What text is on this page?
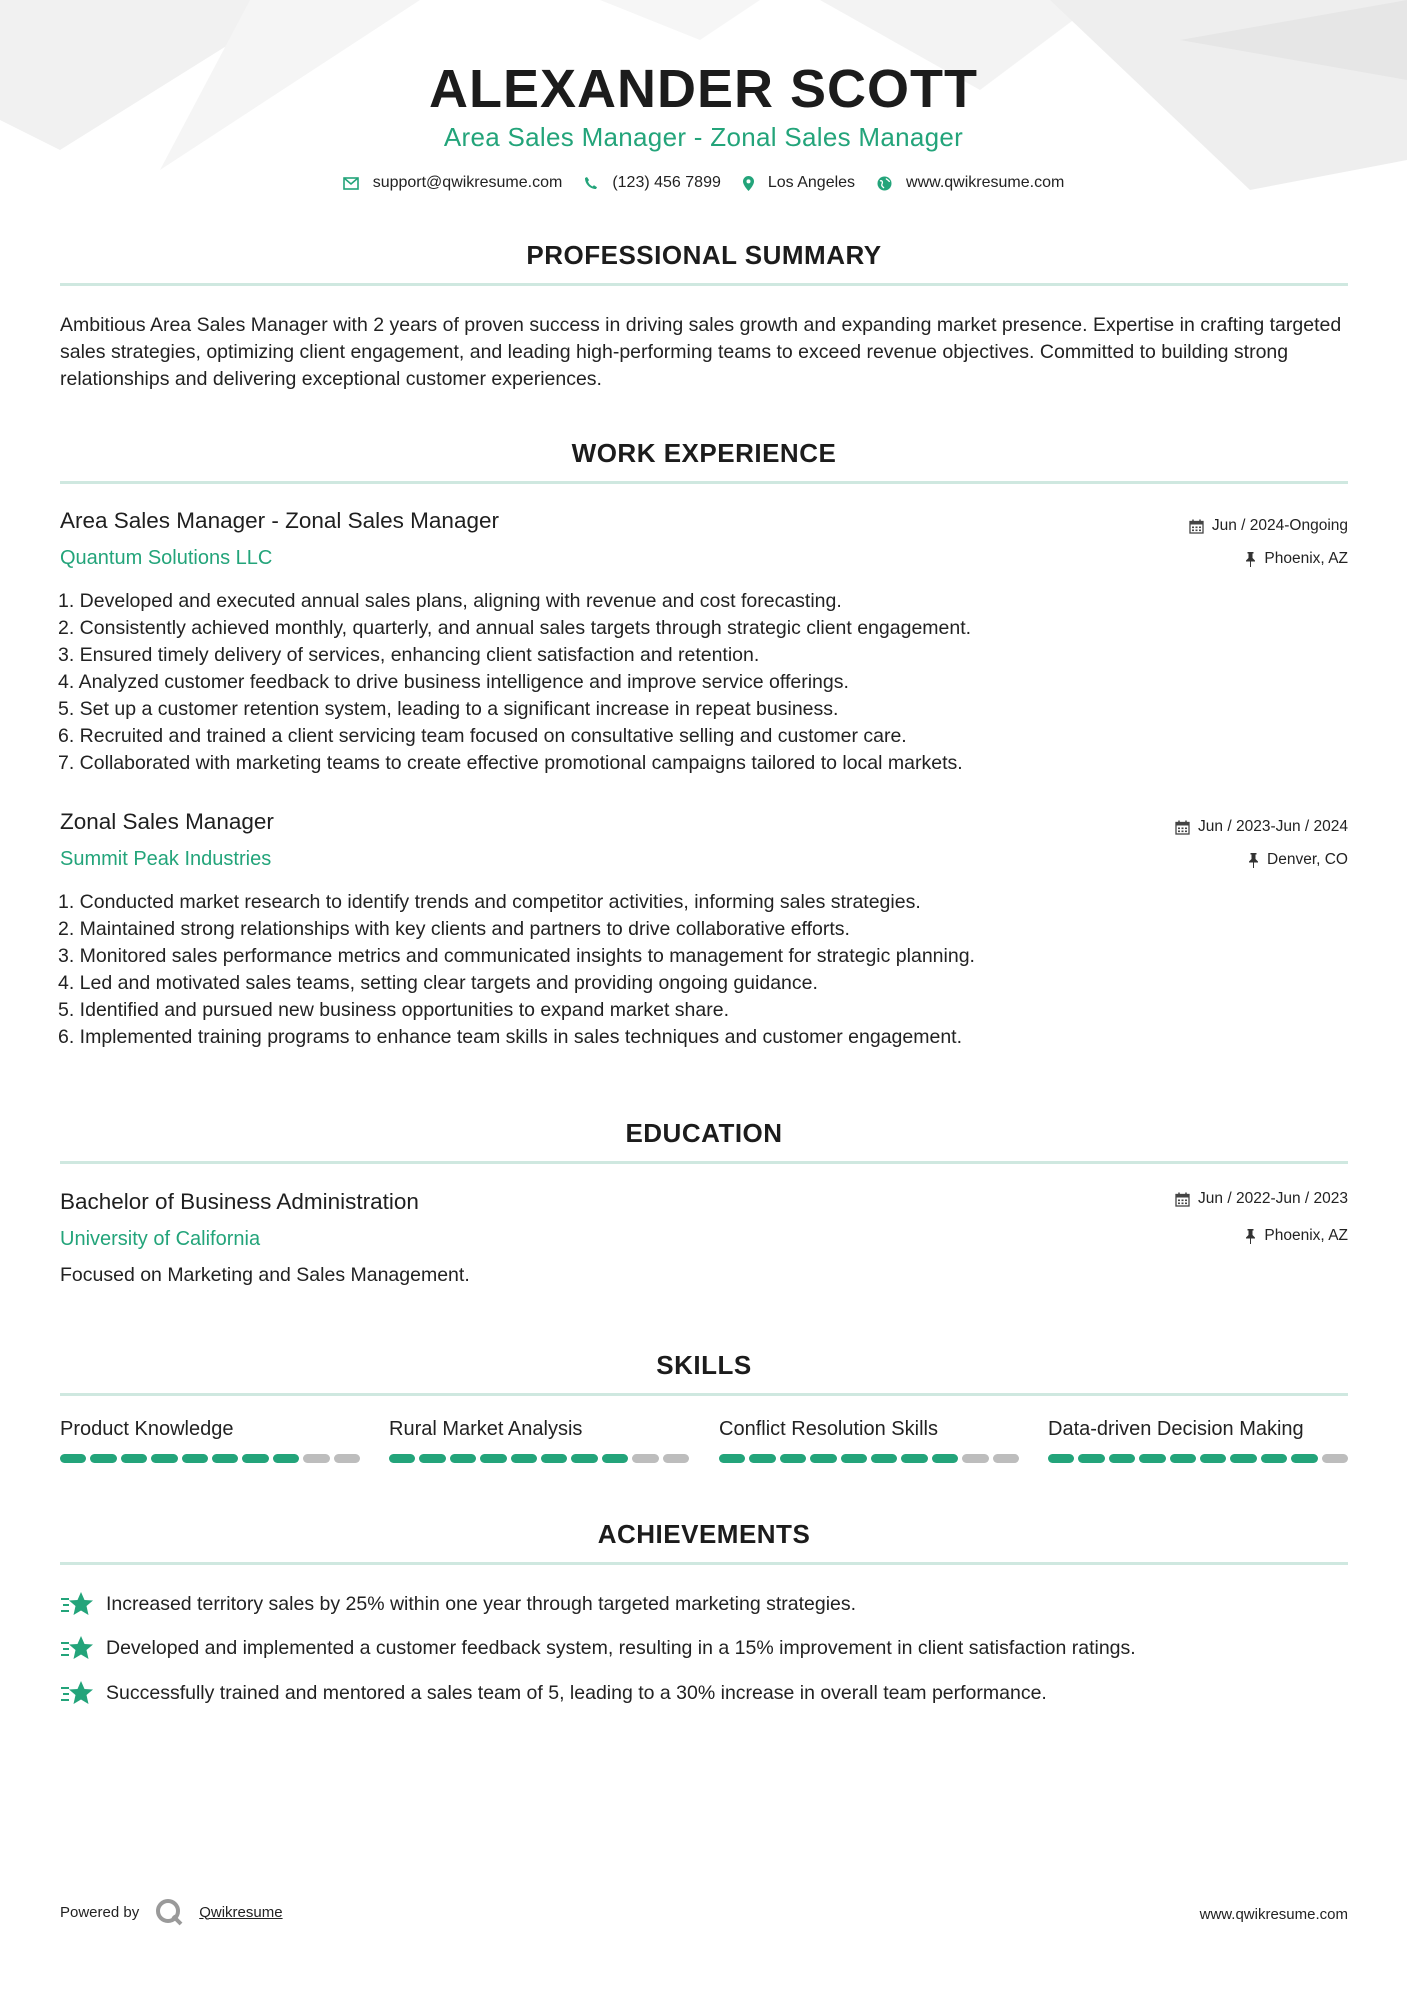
ALEXANDER SCOTT
Area Sales Manager - Zonal Sales Manager
support@qwikresume.com	(123) 456 7899	Los Angeles	www.qwikresume.com
PROFESSIONAL SUMMARY
Ambitious Area Sales Manager with 2 years of proven success in driving sales growth and expanding market presence. Expertise in crafting targeted sales strategies, optimizing client engagement, and leading high-performing teams to exceed revenue objectives. Committed to building strong relationships and delivering exceptional customer experiences.
WORK EXPERIENCE
Area Sales Manager - Zonal Sales Manager	Jun / 2024-Ongoing
Quantum Solutions LLC	Phoenix, AZ
1. Developed and executed annual sales plans, aligning with revenue and cost forecasting.
2. Consistently achieved monthly, quarterly, and annual sales targets through strategic client engagement.
3. Ensured timely delivery of services, enhancing client satisfaction and retention.
4. Analyzed customer feedback to drive business intelligence and improve service offerings.
5. Set up a customer retention system, leading to a significant increase in repeat business.
6. Recruited and trained a client servicing team focused on consultative selling and customer care.
7. Collaborated with marketing teams to create effective promotional campaigns tailored to local markets.
Zonal Sales Manager	Jun / 2023-Jun / 2024
Summit Peak Industries	Denver, CO
1. Conducted market research to identify trends and competitor activities, informing sales strategies.
2. Maintained strong relationships with key clients and partners to drive collaborative efforts.
3. Monitored sales performance metrics and communicated insights to management for strategic planning.
4. Led and motivated sales teams, setting clear targets and providing ongoing guidance.
5. Identified and pursued new business opportunities to expand market share.
6. Implemented training programs to enhance team skills in sales techniques and customer engagement.
EDUCATION
Bachelor of Business Administration	Jun / 2022-Jun / 2023
University of California	Phoenix, AZ
Focused on Marketing and Sales Management.
SKILLS
Product Knowledge	Rural Market Analysis	Conflict Resolution Skills	Data-driven Decision Making
ACHIEVEMENTS
Increased territory sales by 25% within one year through targeted marketing strategies.
Developed and implemented a customer feedback system, resulting in a 15% improvement in client satisfaction ratings.
Successfully trained and mentored a sales team of 5, leading to a 30% increase in overall team performance.
Powered by	Qwikresume	www.qwikresume.com
